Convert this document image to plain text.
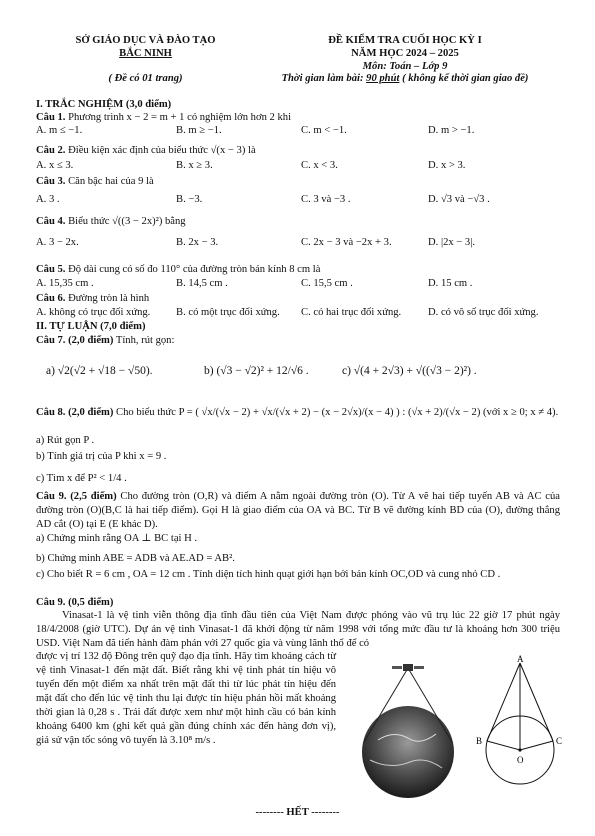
SỞ GIÁO DỤC VÀ ĐÀO TẠO
BẮC NINH
( Đề có 01 trang)
ĐỀ KIỂM TRA CUỐI HỌC KỲ I
NĂM HỌC 2024 – 2025
Môn: Toán – Lớp 9
Thời gian làm bài: 90 phút ( không kể thời gian giao đề)
I. TRẮC NGHIỆM (3,0 điểm)
Câu 1. Phương trình x − 2 = m + 1 có nghiệm lớn hơn 2 khi
A. m ≤ −1.	B. m ≥ −1.	C. m < −1.	D. m > −1.
Câu 2. Điều kiện xác định của biểu thức √(x − 3) là
A. x ≤ 3.	B. x ≥ 3.	C. x < 3.	D. x > 3.
Câu 3. Căn bậc hai của 9 là
A. 3 .	B. −3.	C. 3 và −3 .	D. √3 và −√3 .
Câu 4. Biểu thức √((3 − 2x)²) bằng
A. 3 − 2x.	B. 2x − 3.	C. 2x − 3 và −2x + 3.	D. |2x − 3|.
Câu 5. Độ dài cung có số đo 110° của đường tròn bán kính 8 cm là
A. 15,35 cm .	B. 14,5 cm .	C. 15,5 cm .	D. 15 cm .
Câu 6. Đường tròn là hình
A. không có trục đối xứng. B. có một trục đối xứng. C. có hai trục đối xứng.	D. có vô số trục đối xứng.
II. TỰ LUẬN (7,0 điểm)
Câu 7. (2,0 điểm) Tính, rút gọn:
a) √2(√2 + √18 − √50).	b) (√3 − √2)² + 12/√6 .	c) √(4 + 2√3) + √((√3 − 2)²) .
Câu 8. (2,0 điểm) Cho biểu thức P = ( √x/(√x − 2) + √x/(√x + 2) − (x − 2√x)/(x − 4) ) : (√x + 2)/(√x − 2) (với x ≥ 0; x ≠ 4).
a) Rút gọn P .
b) Tính giá trị của P khi x = 9 .
c) Tìm x để P² < 1/4 .
Câu 9. (2,5 điểm) Cho đường tròn (O,R) và điểm A nằm ngoài đường tròn (O). Từ A vẽ hai tiếp tuyến AB và AC của đường tròn (O)(B,C là hai tiếp điểm). Gọi H là giao điểm của OA và BC. Từ B vẽ đường kính BD của (O), đường thẳng AD cắt (O) tại E (E khác D).
a) Chứng minh rằng OA ⊥ BC tại H .
b) Chứng minh ABE = ADB và AE.AD = AB².
c) Cho biết R = 6 cm , OA = 12 cm . Tính diện tích hình quạt giới hạn bởi bán kính OC,OD và cung nhỏ CD .
Câu 9. (0,5 điểm)
Vinasat-1 là vệ tinh viễn thông địa tĩnh đầu tiên của Việt Nam được phóng vào vũ trụ lúc 22 giờ 17 phút ngày 18/4/2008 (giờ UTC). Dự án vệ tinh Vinasat-1 đã khởi động từ năm 1998 với tổng mức đầu tư là khoảng hơn 300 triệu USD. Việt Nam đã tiến hành đàm phán với 27 quốc gia và vùng lãnh thổ để có
được vị trí 132 độ Đông trên quỹ đạo địa tĩnh. Hãy tìm khoảng cách từ vệ tinh Vinasat-1 đến mặt đất. Biết rằng khi vệ tinh phát tín hiệu vô tuyến đến một điểm xa nhất trên mặt đất thì từ lúc phát tín hiệu đến mặt đất cho đến lúc vệ tinh thu lại được tín hiệu phản hồi mất khoảng thời gian là 0,28 s . Trái đất được xem như một hình cầu có bán kính khoảng 6400 km (ghi kết quả gần đúng chính xác đến hàng đơn vị), giả sử vận tốc sóng vô tuyến là 3.10⁸ m/s .
A
B	C
O
-------- HẾT --------
